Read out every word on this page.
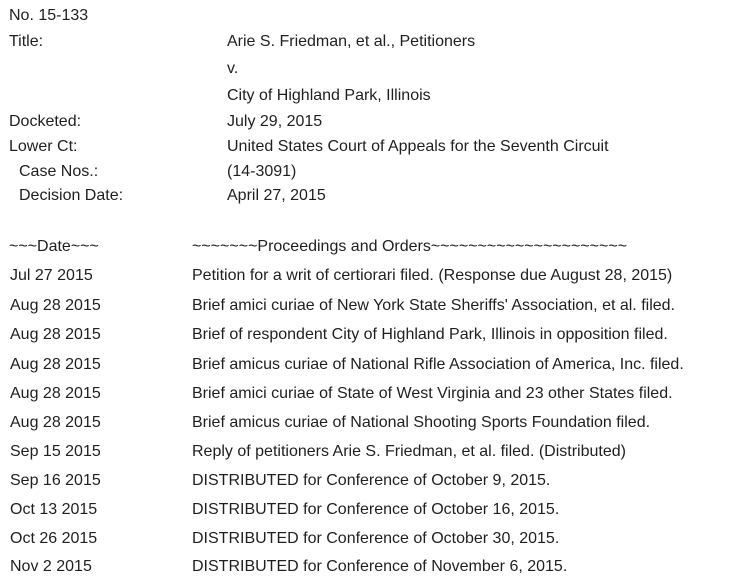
No. 15-133
Title:	Arie S. Friedman, et al., Petitioners
v.
City of Highland Park, Illinois
Docketed:	July 29, 2015
Lower Ct:	United States Court of Appeals for the Seventh Circuit
Case Nos.:	(14-3091)
Decision Date:	April 27, 2015
~~~Date~~~	~~~~~~~Proceedings and Orders~~~~~~~~~~~~~~~~~~~~~
Jul 27 2015	Petition for a writ of certiorari filed. (Response due August 28, 2015)
Aug 28 2015	Brief amici curiae of New York State Sheriffs' Association, et al. filed.
Aug 28 2015	Brief of respondent City of Highland Park, Illinois in opposition filed.
Aug 28 2015	Brief amicus curiae of National Rifle Association of America, Inc. filed.
Aug 28 2015	Brief amici curiae of State of West Virginia and 23 other States filed.
Aug 28 2015	Brief amicus curiae of National Shooting Sports Foundation filed.
Sep 15 2015	Reply of petitioners Arie S. Friedman, et al. filed. (Distributed)
Sep 16 2015	DISTRIBUTED for Conference of October 9, 2015.
Oct 13 2015	DISTRIBUTED for Conference of October 16, 2015.
Oct 26 2015	DISTRIBUTED for Conference of October 30, 2015.
Nov 2 2015	DISTRIBUTED for Conference of November 6, 2015.
